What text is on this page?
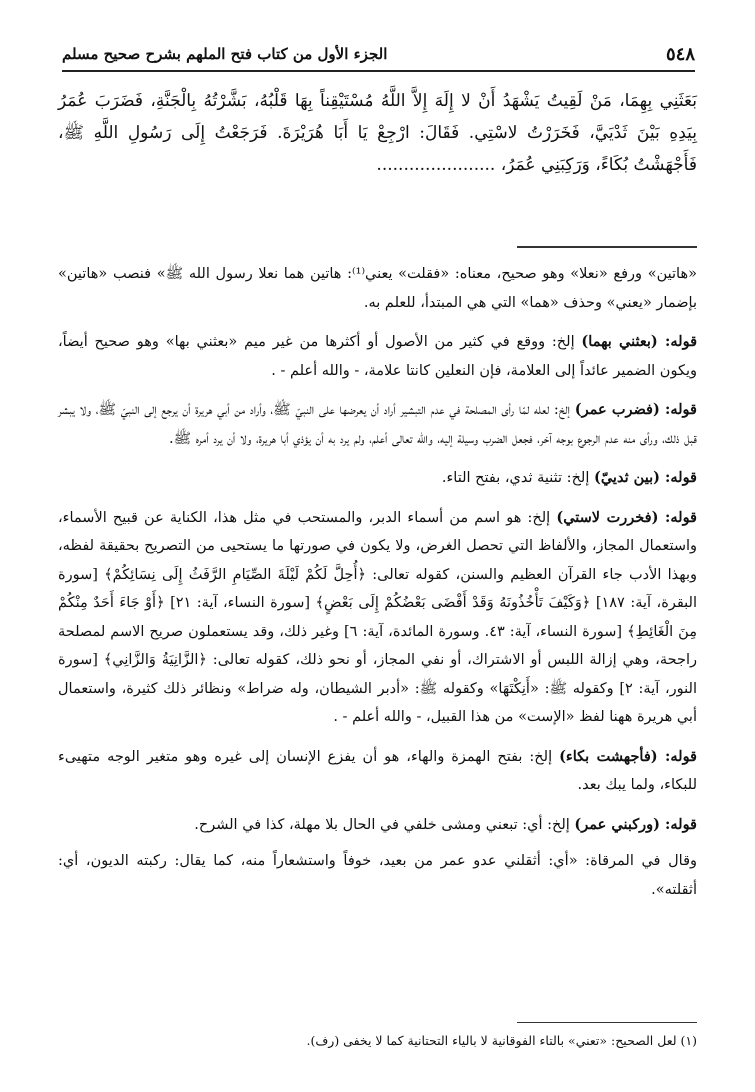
٥٤٨
الجزء الأول من كتاب فتح الملهم بشرح صحيح مسلم

بَعَثَنِي بِهِمَا، مَنْ لَقِيتُ يَشْهَدُ أَنْ لا إِلَهَ إِلاَّ اللَّهُ مُسْتَيْقِناً بِهَا قَلْبُهُ، بَشَّرْتُهُ بِالْجَنَّةِ، فَضَرَبَ عُمَرُ بِيَدِهِ بَيْنَ ثَدْيَيَّ، فَخَرَرْتُ لاسْتِي. فَقَالَ: ارْجِعْ يَا أَبَا هُرَيْرَةَ. فَرَجَعْتُ إِلَى رَسُولِ اللَّهِ ﷺ، فَأَجْهَشْتُ بُكَاءً، وَرَكِبَنِي عُمَرُ، ......................

«هاتين» ورفع «نعلا» وهو صحيح، معناه: «فقلت» يعني⁽¹⁾: هاتين هما نعلا رسول الله ﷺ» فنصب «هاتين» بإضمار «يعني» وحذف «هما» التي هي المبتدأ، للعلم به.

قوله: (بعثني بهما) إلخ: ووقع في كثير من الأصول أو أكثرها من غير ميم «بعثني بها» وهو صحيح أيضاً، ويكون الضمير عائداً إلى العلامة، فإن النعلين كانتا علامة، - والله أعلم - .

قوله: (فضرب عمر) إلخ: لعله لمّا رأى المصلحة في عدم التبشير أراد أن يعرضها على النبيّ ﷺ، وأراد من أبي هريرة أن يرجع إلى النبيّ ﷺ، ولا يبشر قبل ذلك، ورأى منه عدم الرجوع بوجه آخر، فجعل الضرب وسيلة إليه، والله تعالى أعلم، ولم يرد به أن يؤذي أبا هريرة، ولا أن يرد أمره ﷺ.

قوله: (بين ثدييّ) إلخ: تثنية ثدي، بفتح التاء.

قوله: (فخررت لاستي) إلخ: هو اسم من أسماء الدبر، والمستحب في مثل هذا، الكناية عن قبيح الأسماء، واستعمال المجاز، والألفاظ التي تحصل الغرض، ولا يكون في صورتها ما يستحيى من التصريح بحقيقة لفظه، وبهذا الأدب جاء القرآن العظيم والسنن، كقوله تعالى: ﴿أُحِلَّ لَكُمْ لَيْلَةَ الصِّيَامِ الرَّفَثُ إِلَى نِسَائِكُمْ﴾ [سورة البقرة، آية: ١٨٧] ﴿وَكَيْفَ تَأْخُذُونَهُ وَقَدْ أَفْضَى بَعْضُكُمْ إِلَى بَعْضٍ﴾ [سورة النساء، آية: ٢١] ﴿أَوْ جَاءَ أَحَدٌ مِنْكُمْ مِنَ الْغَائِطِ﴾ [سورة النساء، آية: ٤٣. وسورة المائدة، آية: ٦] وغير ذلك، وقد يستعملون صريح الاسم لمصلحة راجحة، وهي إزالة اللبس أو الاشتراك، أو نفي المجاز، أو نحو ذلك، كقوله تعالى: ﴿الزَّانِيَةُ وَالزَّانِي﴾ [سورة النور، آية: ٢] وكقوله ﷺ: «أَنِكْتَهَا» وكقوله ﷺ: «أدبر الشيطان، وله ضراط» ونظائر ذلك كثيرة، واستعمال أبي هريرة ههنا لفظ «الإست» من هذا القبيل، - والله أعلم - .

قوله: (فأجهشت بكاء) إلخ: بفتح الهمزة والهاء، هو أن يفزع الإنسان إلى غيره وهو متغير الوجه متهيىء للبكاء، ولما يبك بعد.

قوله: (وركبني عمر) إلخ: أي: تبعني ومشى خلفي في الحال بلا مهلة، كذا في الشرح.

وقال في المرقاة: «أي: أثقلني عدو عمر من بعيد، خوفاً واستشعاراً منه، كما يقال: ركبته الديون، أي: أثقلته».

(١) لعل الصحيح: «تعني» بالتاء الفوقانية لا بالياء التحتانية كما لا يخفى (رف).
